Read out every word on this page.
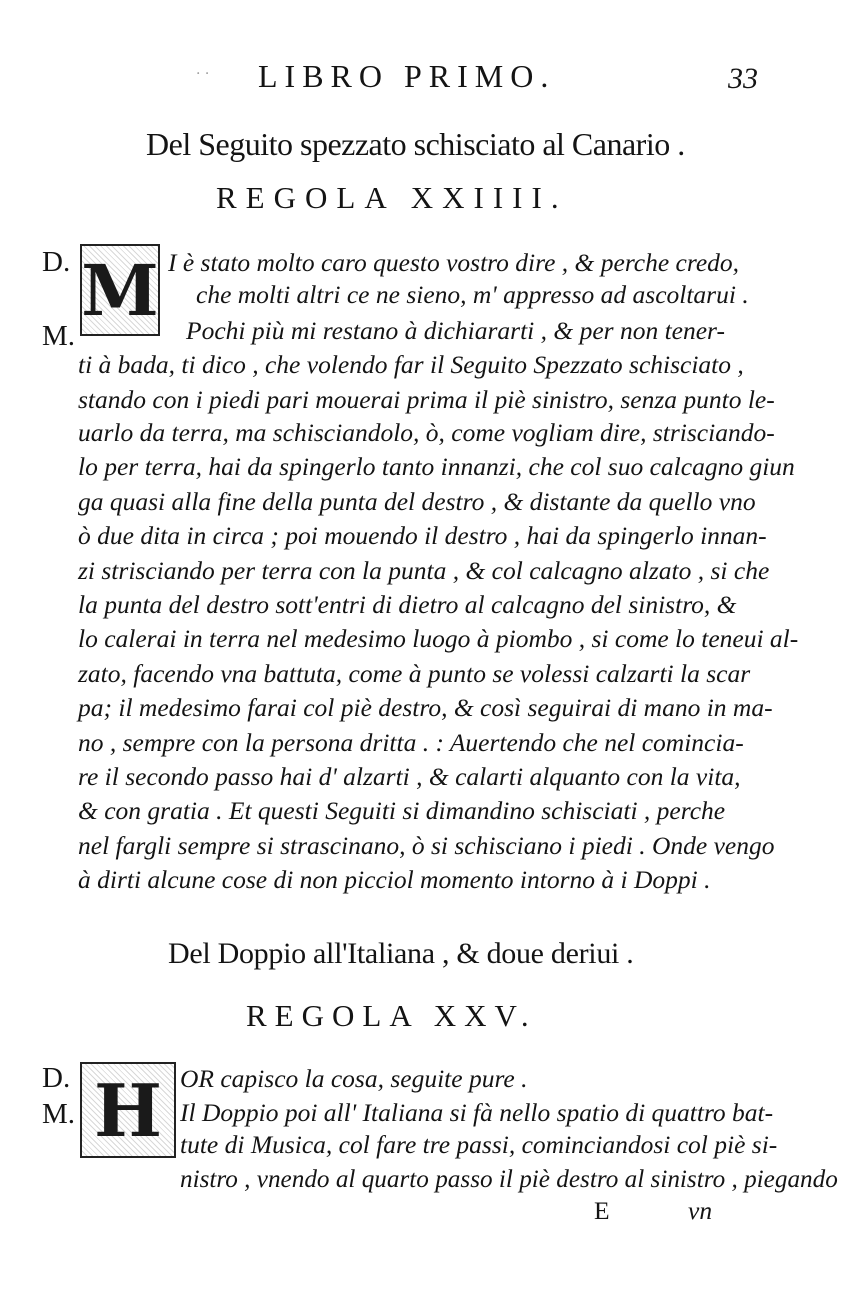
· · LIBRO PRIMO.	33
Del Seguito spezzato schisciato al Canario .
REGOLA XXIIII.
D.
M.
M I è stato molto caro questo vostro dire , & perche credo,
che molti altri ce ne sieno, m' appresso ad ascoltarui .
Pochi più mi restano à dichiararti , & per non tener-
ti à bada, ti dico , che volendo far il Seguito Spezzato schisciato ,
stando con i piedi pari mouerai prima il piè sinistro, senza punto le-
uarlo da terra, ma schisciandolo, ò, come vogliam dire, strisciando-
lo per terra, hai da spingerlo tanto innanzi, che col suo calcagno giun
ga quasi alla fine della punta del destro , & distante da quello vno
ò due dita in circa ; poi mouendo il destro , hai da spingerlo innan-
zi strisciando per terra con la punta , & col calcagno alzato , si che
la punta del destro sott'entri di dietro al calcagno del sinistro, &
lo calerai in terra nel medesimo luogo à piombo , si come lo teneui al-
zato, facendo vna battuta, come à punto se volessi calzarti la scar
pa; il medesimo farai col piè destro, & così seguirai di mano in ma-
no , sempre con la persona dritta . : Auertendo che nel comincia-
re il secondo passo hai d' alzarti , & calarti alquanto con la vita,
& con gratia . Et questi Seguiti si dimandino schisciati , perche
nel fargli sempre si strascinano, ò si schisciano i piedi . Onde vengo
à dirti alcune cose di non picciol momento intorno à i Doppi .
Del Doppio all'Italiana , & doue deriui .
REGOLA XXV.
D.
M. H OR capisco la cosa, seguite pure .
Il Doppio poi all' Italiana si fà nello spatio di quattro bat-
tute di Musica, col fare tre passi, cominciandosi col piè si-
nistro , vnendo al quarto passo il piè destro al sinistro , piegando
E	vn
